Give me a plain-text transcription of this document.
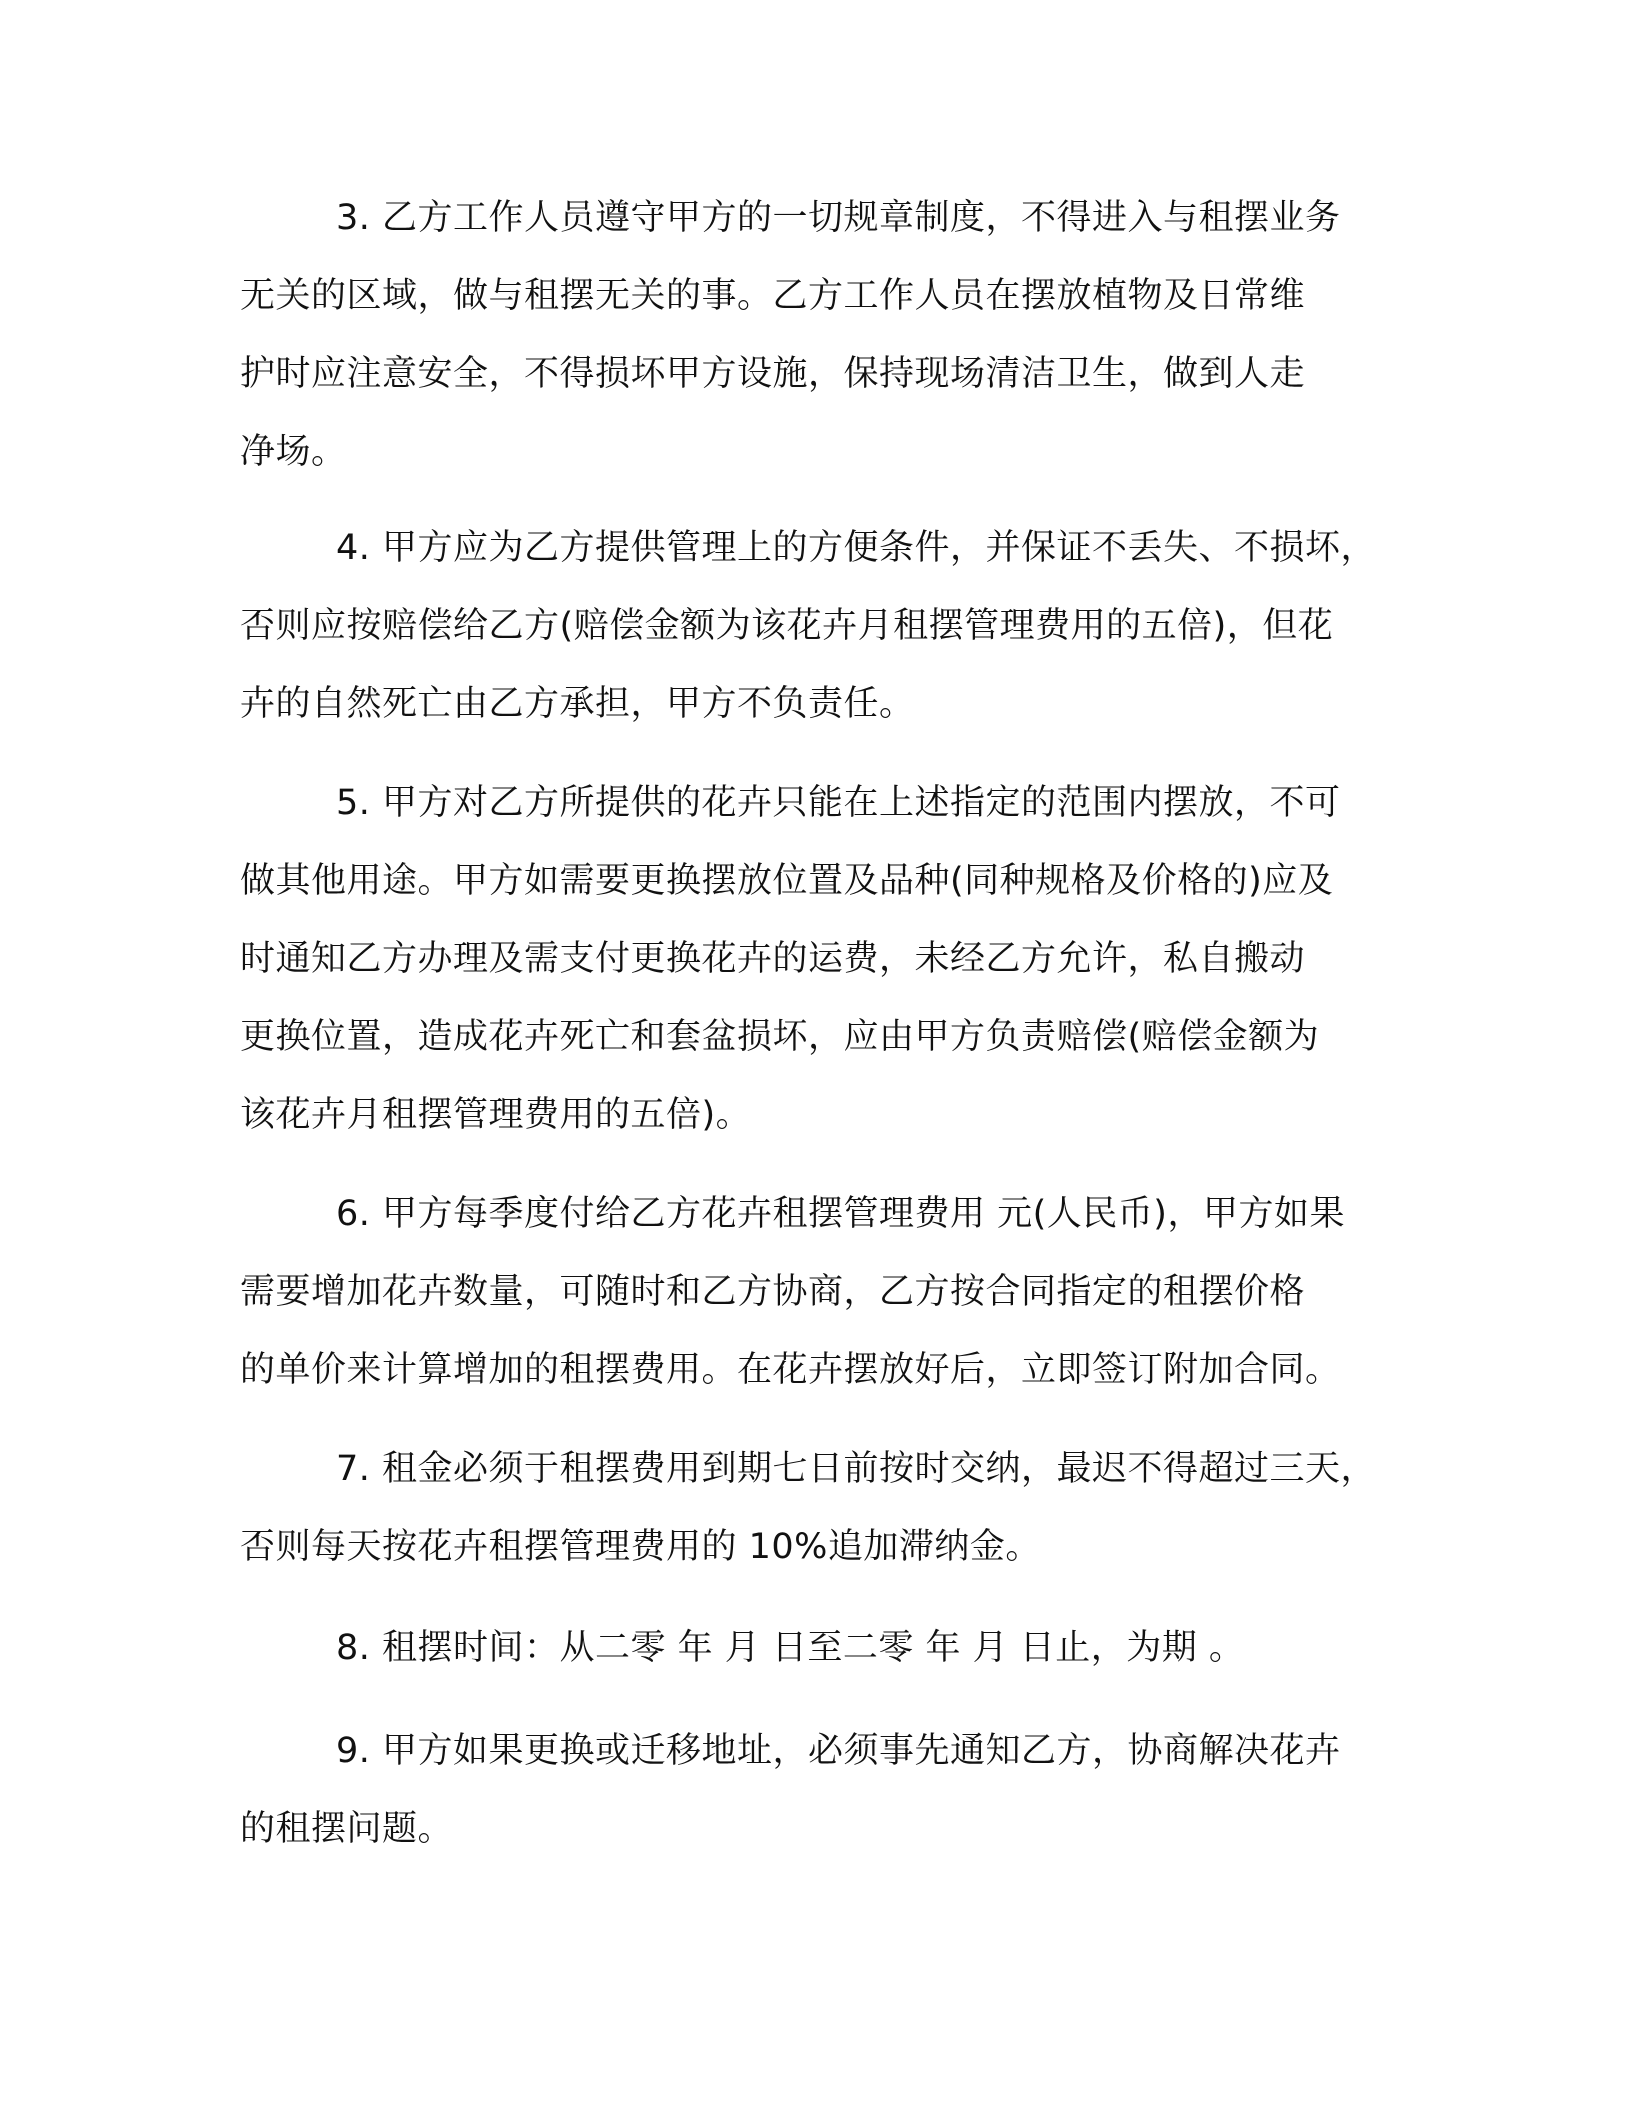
3. 乙方工作人员遵守甲方的一切规章制度，不得进入与租摆业务
无关的区域，做与租摆无关的事。乙方工作人员在摆放植物及日常维
护时应注意安全，不得损坏甲方设施，保持现场清洁卫生，做到人走
净场。
4. 甲方应为乙方提供管理上的方便条件，并保证不丢失、不损坏，
否则应按赔偿给乙方(赔偿金额为该花卉月租摆管理费用的五倍)，但花
卉的自然死亡由乙方承担，甲方不负责任。
5. 甲方对乙方所提供的花卉只能在上述指定的范围内摆放，不可
做其他用途。甲方如需要更换摆放位置及品种(同种规格及价格的)应及
时通知乙方办理及需支付更换花卉的运费，未经乙方允许，私自搬动
更换位置，造成花卉死亡和套盆损坏，应由甲方负责赔偿(赔偿金额为
该花卉月租摆管理费用的五倍)。
6. 甲方每季度付给乙方花卉租摆管理费用 元(人民币)，甲方如果
需要增加花卉数量，可随时和乙方协商，乙方按合同指定的租摆价格
的单价来计算增加的租摆费用。在花卉摆放好后，立即签订附加合同。
7. 租金必须于租摆费用到期七日前按时交纳，最迟不得超过三天，
否则每天按花卉租摆管理费用的 10%追加滞纳金。
8. 租摆时间：从二零 年 月 日至二零 年 月 日止，为期 。
9. 甲方如果更换或迁移地址，必须事先通知乙方，协商解决花卉
的租摆问题。
